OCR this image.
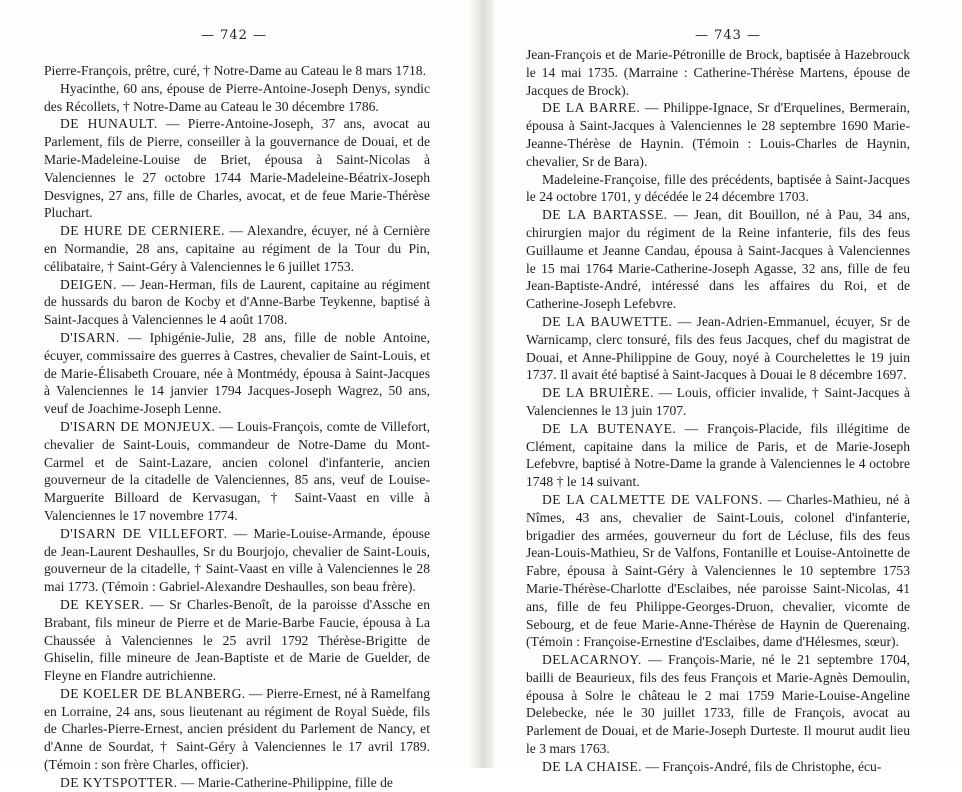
— 742 —

Pierre-François, prêtre, curé, † Notre-Dame au Cateau le 8 mars 1718.

Hyacinthe, 60 ans, épouse de Pierre-Antoine-Joseph Denys, syndic des Récollets, † Notre-Dame au Cateau le 30 décembre 1786.

DE HUNAULT. — Pierre-Antoine-Joseph, 37 ans, avocat au Parlement, fils de Pierre, conseiller à la gouvernance de Douai, et de Marie-Madeleine-Louise de Briet, épousa à Saint-Nicolas à Valenciennes le 27 octobre 1744 Marie-Madeleine-Béatrix-Joseph Desvignes, 27 ans, fille de Charles, avocat, et de feue Marie-Thérèse Pluchart.

DE HURE DE CERNIERE. — Alexandre, écuyer, né à Cernière en Normandie, 28 ans, capitaine au régiment de la Tour du Pin, célibataire, † Saint-Géry à Valenciennes le 6 juillet 1753.

DEIGEN. — Jean-Herman, fils de Laurent, capitaine au régiment de hussards du baron de Kocby et d'Anne-Barbe Teykenne, baptisé à Saint-Jacques à Valenciennes le 4 août 1708.

D'ISARN. — Iphigénie-Julie, 28 ans, fille de noble Antoine, écuyer, commissaire des guerres à Castres, chevalier de Saint-Louis, et de Marie-Élisabeth Crouare, née à Montmédy, épousa à Saint-Jacques à Valenciennes le 14 janvier 1794 Jacques-Joseph Wagrez, 50 ans, veuf de Joachime-Joseph Lenne.

D'ISARN DE MONJEUX. — Louis-François, comte de Villefort, chevalier de Saint-Louis, commandeur de Notre-Dame du Mont-Carmel et de Saint-Lazare, ancien colonel d'infanterie, ancien gouverneur de la citadelle de Valenciennes, 85 ans, veuf de Louise-Marguerite Billoard de Kervasugan, † Saint-Vaast en ville à Valenciennes le 17 novembre 1774.

D'ISARN DE VILLEFORT. — Marie-Louise-Armande, épouse de Jean-Laurent Deshaulles, Sr du Bourjojo, chevalier de Saint-Louis, gouverneur de la citadelle, † Saint-Vaast en ville à Valenciennes le 28 mai 1773. (Témoin : Gabriel-Alexandre Deshaulles, son beau frère).

DE KEYSER. — Sr Charles-Benoît, de la paroisse d'Assche en Brabant, fils mineur de Pierre et de Marie-Barbe Faucie, épousa à La Chaussée à Valenciennes le 25 avril 1792 Thérèse-Brigitte de Ghiselin, fille mineure de Jean-Baptiste et de Marie de Guelder, de Fleyne en Flandre autrichienne.

DE KOELER DE BLANBERG. — Pierre-Ernest, né à Ramelfang en Lorraine, 24 ans, sous lieutenant au régiment de Royal Suède, fils de Charles-Pierre-Ernest, ancien président du Parlement de Nancy, et d'Anne de Sourdat, † Saint-Géry à Valenciennes le 17 avril 1789. (Témoin : son frère Charles, officier).

DE KYTSPOTTER. — Marie-Catherine-Philippine, fille de

— 743 —

Jean-François et de Marie-Pétronille de Brock, baptisée à Hazebrouck le 14 mai 1735. (Marraine : Catherine-Thérèse Martens, épouse de Jacques de Brock).

DE LA BARRE. — Philippe-Ignace, Sr d'Erquelines, Bermerain, épousa à Saint-Jacques à Valenciennes le 28 septembre 1690 Marie-Jeanne-Thérèse de Haynin. (Témoin : Louis-Charles de Haynin, chevalier, Sr de Bara).

Madeleine-Françoise, fille des précédents, baptisée à Saint-Jacques le 24 octobre 1701, y décédée le 24 décembre 1703.

DE LA BARTASSE. — Jean, dit Bouillon, né à Pau, 34 ans, chirurgien major du régiment de la Reine infanterie, fils des feus Guillaume et Jeanne Candau, épousa à Saint-Jacques à Valenciennes le 15 mai 1764 Marie-Catherine-Joseph Agasse, 32 ans, fille de feu Jean-Baptiste-André, intéressé dans les affaires du Roi, et de Catherine-Joseph Lefebvre.

DE LA BAUWETTE. — Jean-Adrien-Emmanuel, écuyer, Sr de Warnicamp, clerc tonsuré, fils des feus Jacques, chef du magistrat de Douai, et Anne-Philippine de Gouy, noyé à Courchelettes le 19 juin 1737. Il avait été baptisé à Saint-Jacques à Douai le 8 décembre 1697.

DE LA BRUIÈRE. — Louis, officier invalide, † Saint-Jacques à Valenciennes le 13 juin 1707.

DE LA BUTENAYE. — François-Placide, fils illégitime de Clément, capitaine dans la milice de Paris, et de Marie-Joseph Lefebvre, baptisé à Notre-Dame la grande à Valenciennes le 4 octobre 1748 † le 14 suivant.

DE LA CALMETTE DE VALFONS. — Charles-Mathieu, né à Nîmes, 43 ans, chevalier de Saint-Louis, colonel d'infanterie, brigadier des armées, gouverneur du fort de Lécluse, fils des feus Jean-Louis-Mathieu, Sr de Valfons, Fontanille et Louise-Antoinette de Fabre, épousa à Saint-Géry à Valenciennes le 10 septembre 1753 Marie-Thérèse-Charlotte d'Esclaibes, née paroisse Saint-Nicolas, 41 ans, fille de feu Philippe-Georges-Druon, chevalier, vicomte de Sebourg, et de feue Marie-Anne-Thérèse de Haynin de Querenaing. (Témoin : Françoise-Ernestine d'Esclaibes, dame d'Hélesmes, sœur).

DELACARNOY. — François-Marie, né le 21 septembre 1704, bailli de Beaurieux, fils des feus François et Marie-Agnès Demoulin, épousa à Solre le château le 2 mai 1759 Marie-Louise-Angeline Delebecke, née le 30 juillet 1733, fille de François, avocat au Parlement de Douai, et de Marie-Joseph Durteste. Il mourut audit lieu le 3 mars 1763.

DE LA CHAISE. — François-André, fils de Christophe, écu-
